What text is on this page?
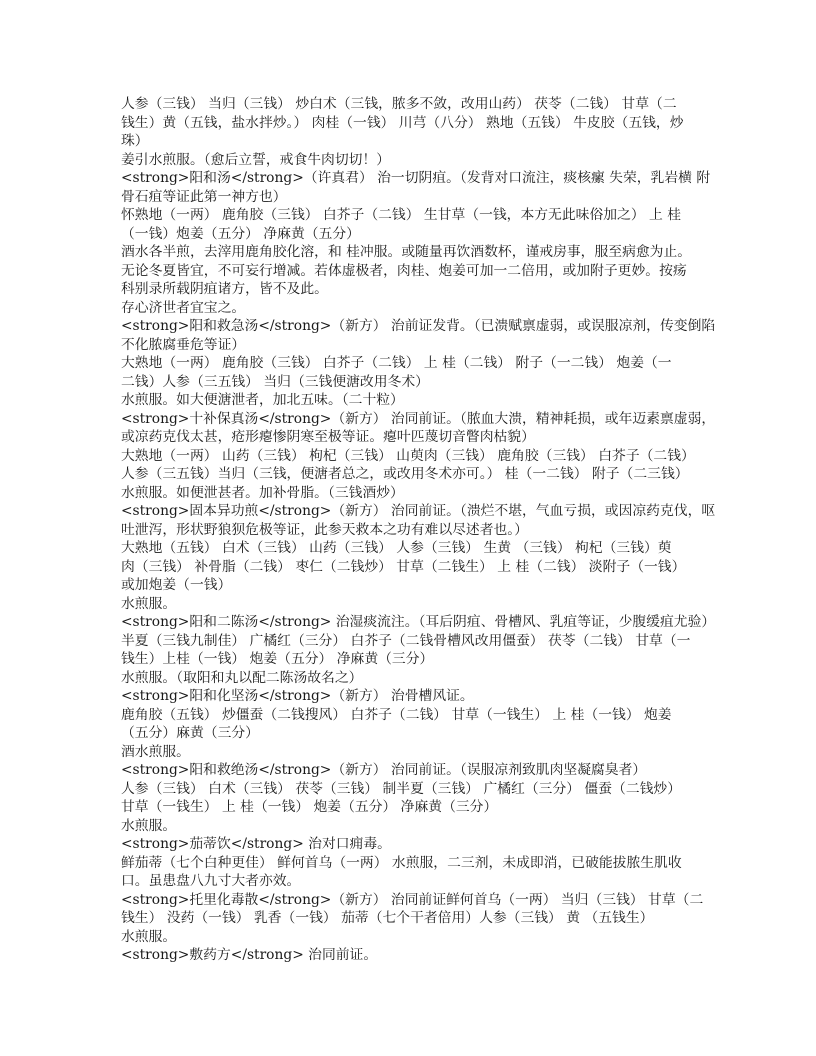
人参（三钱） 当归（三钱） 炒白术（三钱，脓多不敛，改用山药） 茯苓（二钱） 甘草（二
钱生）黄（五钱，盐水拌炒。） 肉桂（一钱） 川芎（八分） 熟地（五钱） 牛皮胶（五钱，炒
珠）
姜引水煎服。（愈后立誓，戒食牛肉切切！）
<strong>阳和汤</strong>（许真君） 治一切阴疽。（发背对口流注，痰核瘰 失荣，乳岩横 附
骨石疽等证此第一神方也）
怀熟地（一两） 鹿角胶（三钱） 白芥子（二钱） 生甘草（一钱，本方无此味俗加之） 上 桂
（一钱）炮姜（五分） 净麻黄（五分）
酒水各半煎，去滓用鹿角胶化溶，和 桂冲服。或随量再饮酒数杯，谨戒房事，服至病愈为止。
无论冬夏皆宜，不可妄行增减。若体虚极者，肉桂、炮姜可加一二倍用，或加附子更妙。按疡
科别录所载阴疽诸方，皆不及此。
存心济世者宜宝之。
<strong>阳和救急汤</strong>（新方） 治前证发背。（已溃赋禀虚弱，或误服凉剂，传变倒陷
不化脓腐垂危等证）
大熟地（一两） 鹿角胶（三钱） 白芥子（二钱） 上 桂（二钱） 附子（一二钱） 炮姜（一
二钱）人参（三五钱） 当归（三钱便溏改用冬术）
水煎服。如大便溏泄者，加北五味。（二十粒）
<strong>十补保真汤</strong>（新方） 治同前证。（脓血大溃，精神耗损，或年迈素禀虚弱，
或凉药克伐太甚，疮形瘪惨阴寒至极等证。瘪叶匹蔑切音瞥肉枯貌）
大熟地（一两） 山药（三钱） 枸杞（三钱） 山萸肉（三钱） 鹿角胶（三钱） 白芥子（二钱）
人参（三五钱）当归（三钱，便溏者总之，或改用冬术亦可。） 桂（一二钱） 附子（二三钱）
水煎服。如便泄甚者。加补骨脂。（三钱酒炒）
<strong>固本异功煎</strong>（新方） 治同前证。（溃烂不堪，气血亏损，或因凉药克伐，呕
吐泄泻，形状野狼狈危极等证，此参天救本之功有难以尽述者也。）
大熟地（五钱） 白术（三钱） 山药（三钱） 人参（三钱） 生黄 （三钱） 枸杞（三钱）萸
肉（三钱） 补骨脂（二钱） 枣仁（二钱炒） 甘草（二钱生） 上 桂（二钱） 淡附子（一钱）
或加炮姜（一钱）
水煎服。
<strong>阳和二陈汤</strong> 治湿痰流注。（耳后阴疽、骨槽风、乳疽等证，少腹缓疽尤验）
半夏（三钱九制佳） 广橘红（三分） 白芥子（二钱骨槽风改用僵蚕） 茯苓（二钱） 甘草（一
钱生）上桂（一钱） 炮姜（五分） 净麻黄（三分）
水煎服。（取阳和丸以配二陈汤故名之）
<strong>阳和化坚汤</strong>（新方） 治骨槽风证。
鹿角胶（五钱） 炒僵蚕（二钱搜风） 白芥子（二钱） 甘草（一钱生） 上 桂（一钱） 炮姜
（五分）麻黄（三分）
酒水煎服。
<strong>阳和救绝汤</strong>（新方） 治同前证。（误服凉剂致肌肉坚凝腐臭者）
人参（三钱） 白术（三钱） 茯苓（三钱） 制半夏（三钱） 广橘红（三分） 僵蚕（二钱炒）
甘草（一钱生） 上 桂（一钱） 炮姜（五分） 净麻黄（三分）
水煎服。
<strong>茄蒂饮</strong> 治对口痈毒。
鲜茄蒂（七个白种更佳） 鲜何首乌（一两） 水煎服，二三剂，未成即消，已破能拔脓生肌收
口。虽患盘八九寸大者亦效。
<strong>托里化毒散</strong>（新方） 治同前证鲜何首乌（一两） 当归（三钱） 甘草（二
钱生） 没药（一钱） 乳香（一钱） 茄蒂（七个干者倍用）人参（三钱） 黄 （五钱生）
水煎服。
<strong>敷药方</strong> 治同前证。
